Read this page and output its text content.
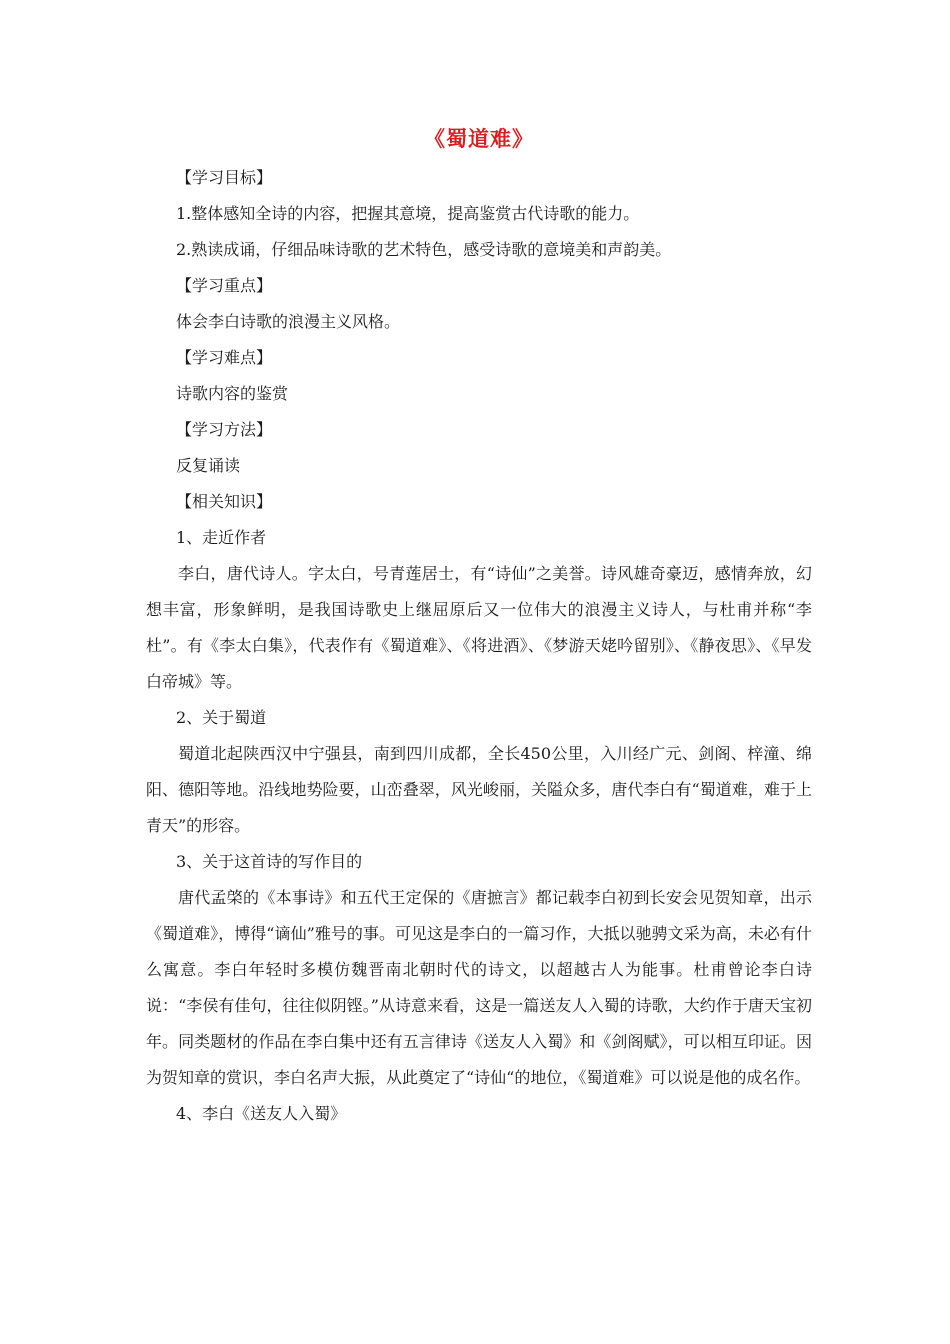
《蜀道难》

【学习目标】

1.整体感知全诗的内容，把握其意境，提高鉴赏古代诗歌的能力。

2.熟读成诵，仔细品味诗歌的艺术特色，感受诗歌的意境美和声韵美。

【学习重点】

体会李白诗歌的浪漫主义风格。

【学习难点】

诗歌内容的鉴赏

【学习方法】

反复诵读

【相关知识】

1、走近作者

李白，唐代诗人。字太白，号青莲居士，有“诗仙”之美誉。诗风雄奇豪迈，感情奔放，幻想丰富，形象鲜明，是我国诗歌史上继屈原后又一位伟大的浪漫主义诗人，与杜甫并称“李杜”。有《李太白集》，代表作有《蜀道难》、《将进酒》、《梦游天姥吟留别》、《静夜思》、《早发白帝城》等。

2、关于蜀道

蜀道北起陕西汉中宁强县，南到四川成都，全长450公里，入川经广元、剑阁、梓潼、绵阳、德阳等地。沿线地势险要，山峦叠翠，风光峻丽，关隘众多，唐代李白有“蜀道难，难于上青天”的形容。

3、关于这首诗的写作目的

唐代孟棨的《本事诗》和五代王定保的《唐摭言》都记载李白初到长安会见贺知章，出示《蜀道难》，博得“谪仙”雅号的事。可见这是李白的一篇习作，大抵以驰骋文采为高，未必有什么寓意。李白年轻时多模仿魏晋南北朝时代的诗文，以超越古人为能事。杜甫曾论李白诗说：“李侯有佳句，往往似阴铿。”从诗意来看，这是一篇送友人入蜀的诗歌，大约作于唐天宝初年。同类题材的作品在李白集中还有五言律诗《送友人入蜀》和《剑阁赋》，可以相互印证。因为贺知章的赏识，李白名声大振，从此奠定了“诗仙“的地位，《蜀道难》可以说是他的成名作。

4、李白《送友人入蜀》
